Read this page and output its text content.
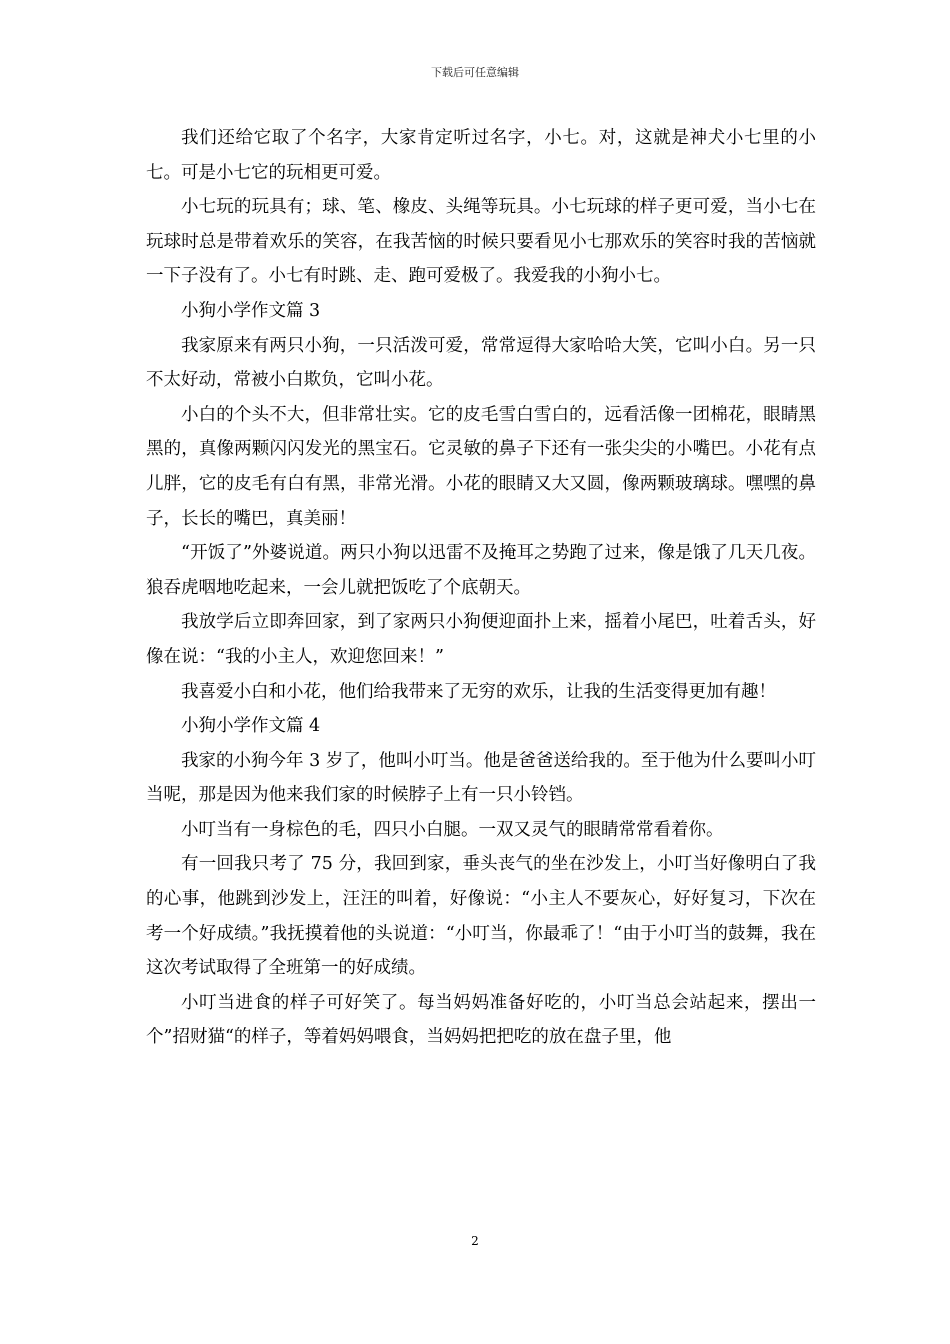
下载后可任意编辑

我们还给它取了个名字，大家肯定听过名字，小七。对，这就是神犬小七里的小七。可是小七它的玩相更可爱。

小七玩的玩具有；球、笔、橡皮、头绳等玩具。小七玩球的样子更可爱，当小七在玩球时总是带着欢乐的笑容，在我苦恼的时候只要看见小七那欢乐的笑容时我的苦恼就一下子没有了。小七有时跳、走、跑可爱极了。我爱我的小狗小七。

小狗小学作文篇 3

我家原来有两只小狗，一只活泼可爱，常常逗得大家哈哈大笑，它叫小白。另一只不太好动，常被小白欺负，它叫小花。

小白的个头不大，但非常壮实。它的皮毛雪白雪白的，远看活像一团棉花，眼睛黑黑的，真像两颗闪闪发光的黑宝石。它灵敏的鼻子下还有一张尖尖的小嘴巴。小花有点儿胖，它的皮毛有白有黑，非常光滑。小花的眼睛又大又圆，像两颗玻璃球。嘿嘿的鼻子，长长的嘴巴，真美丽！

“开饭了”外婆说道。两只小狗以迅雷不及掩耳之势跑了过来，像是饿了几天几夜。狼吞虎咽地吃起来，一会儿就把饭吃了个底朝天。

我放学后立即奔回家，到了家两只小狗便迎面扑上来，摇着小尾巴，吐着舌头，好像在说：“我的小主人，欢迎您回来！”

我喜爱小白和小花，他们给我带来了无穷的欢乐，让我的生活变得更加有趣！

小狗小学作文篇 4

我家的小狗今年 3 岁了，他叫小叮当。他是爸爸送给我的。至于他为什么要叫小叮当呢，那是因为他来我们家的时候脖子上有一只小铃铛。

小叮当有一身棕色的毛，四只小白腿。一双又灵气的眼睛常常看着你。

有一回我只考了 75 分，我回到家，垂头丧气的坐在沙发上，小叮当好像明白了我的心事，他跳到沙发上，汪汪的叫着，好像说：“小主人不要灰心，好好复习，下次在考一个好成绩。”我抚摸着他的头说道：“小叮当，你最乖了！“由于小叮当的鼓舞，我在这次考试取得了全班第一的好成绩。

小叮当进食的样子可好笑了。每当妈妈准备好吃的，小叮当总会站起来，摆出一个”招财猫“的样子，等着妈妈喂食，当妈妈把把吃的放在盘子里，他

2
